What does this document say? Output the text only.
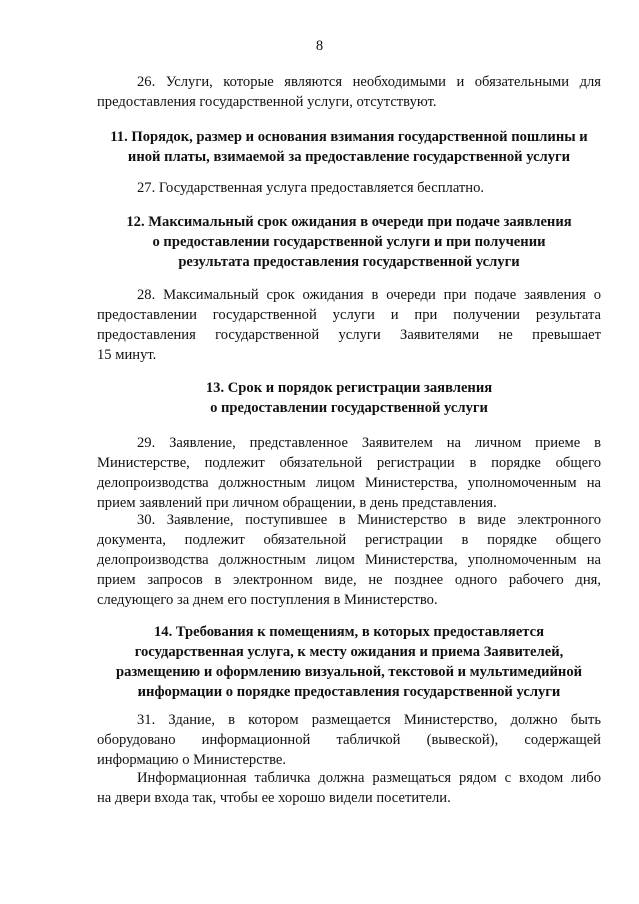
8

26. Услуги, которые являются необходимыми и обязательными для

предоставления государственной услуги, отсутствуют.

11. Порядок, размер и основания взимания государственной пошлины и
иной платы, взимаемой за предоставление государственной услуги

27. Государственная услуга предоставляется бесплатно.

12. Максимальный срок ожидания в очереди при подаче заявления
о предоставлении государственной услуги и при получении
результата предоставления государственной услуги

28. Максимальный срок ожидания в очереди при подаче заявления о

предоставлении государственной услуги и при получении результата

предоставления государственной услуги Заявителями не превышает

15 минут.

13. Срок и порядок регистрации заявления
о предоставлении государственной услуги

29. Заявление, представленное Заявителем на личном приеме в

Министерстве, подлежит обязательной регистрации в порядке общего

делопроизводства должностным лицом Министерства, уполномоченным на

прием заявлений при личном обращении, в день представления.

30. Заявление, поступившее в Министерство в виде электронного

документа, подлежит обязательной регистрации в порядке общего

делопроизводства должностным лицом Министерства, уполномоченным на

прием запросов в электронном виде, не позднее одного рабочего дня,

следующего за днем его поступления в Министерство.

14. Требования к помещениям, в которых предоставляется
государственная услуга, к месту ожидания и приема Заявителей,
размещению и оформлению визуальной, текстовой и мультимедийной
информации о порядке предоставления государственной услуги

31. Здание, в котором размещается Министерство, должно быть

оборудовано информационной табличкой (вывеской), содержащей

информацию о Министерстве.

Информационная табличка должна размещаться рядом с входом либо

на двери входа так, чтобы ее хорошо видели посетители.
